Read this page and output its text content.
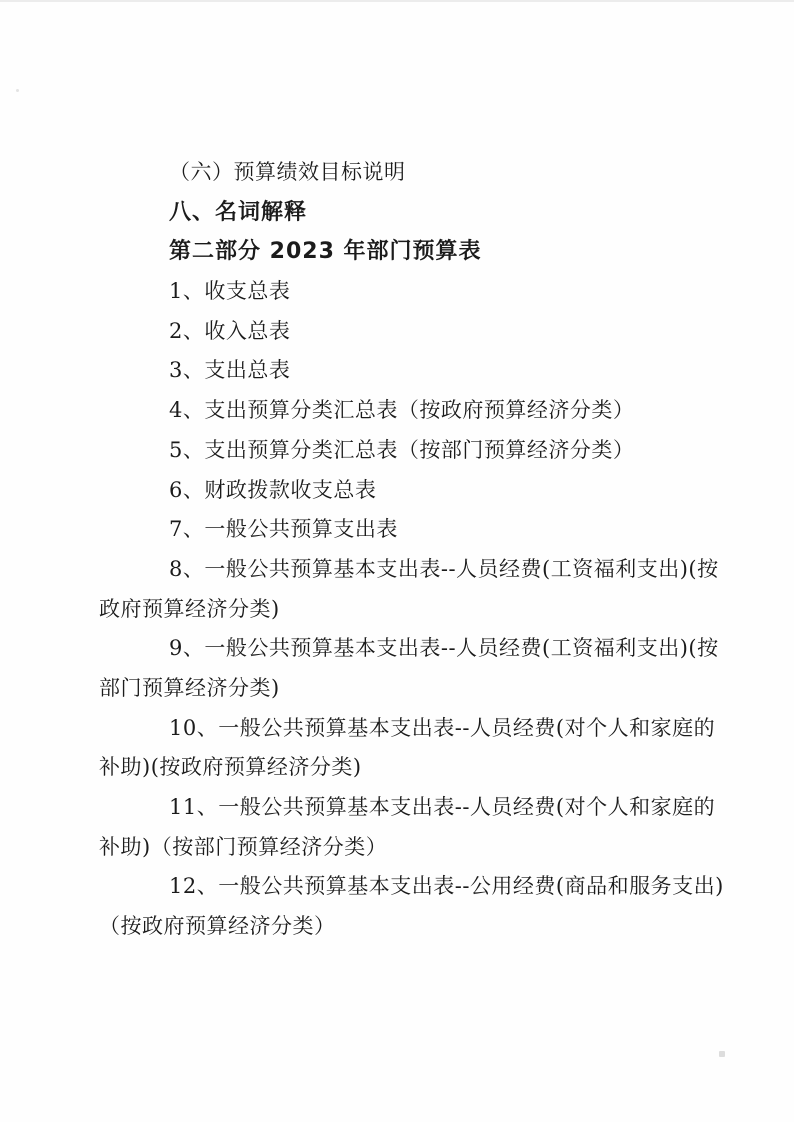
（六）预算绩效目标说明
八、名词解释
第二部分 2023 年部门预算表
1、收支总表
2、收入总表
3、支出总表
4、支出预算分类汇总表（按政府预算经济分类）
5、支出预算分类汇总表（按部门预算经济分类）
6、财政拨款收支总表
7、一般公共预算支出表
8、一般公共预算基本支出表--人员经费(工资福利支出)(按
政府预算经济分类)
9、一般公共预算基本支出表--人员经费(工资福利支出)(按
部门预算经济分类)
10、一般公共预算基本支出表--人员经费(对个人和家庭的
补助)(按政府预算经济分类)
11、一般公共预算基本支出表--人员经费(对个人和家庭的
补助)（按部门预算经济分类）
12、一般公共预算基本支出表--公用经费(商品和服务支出)
（按政府预算经济分类）
